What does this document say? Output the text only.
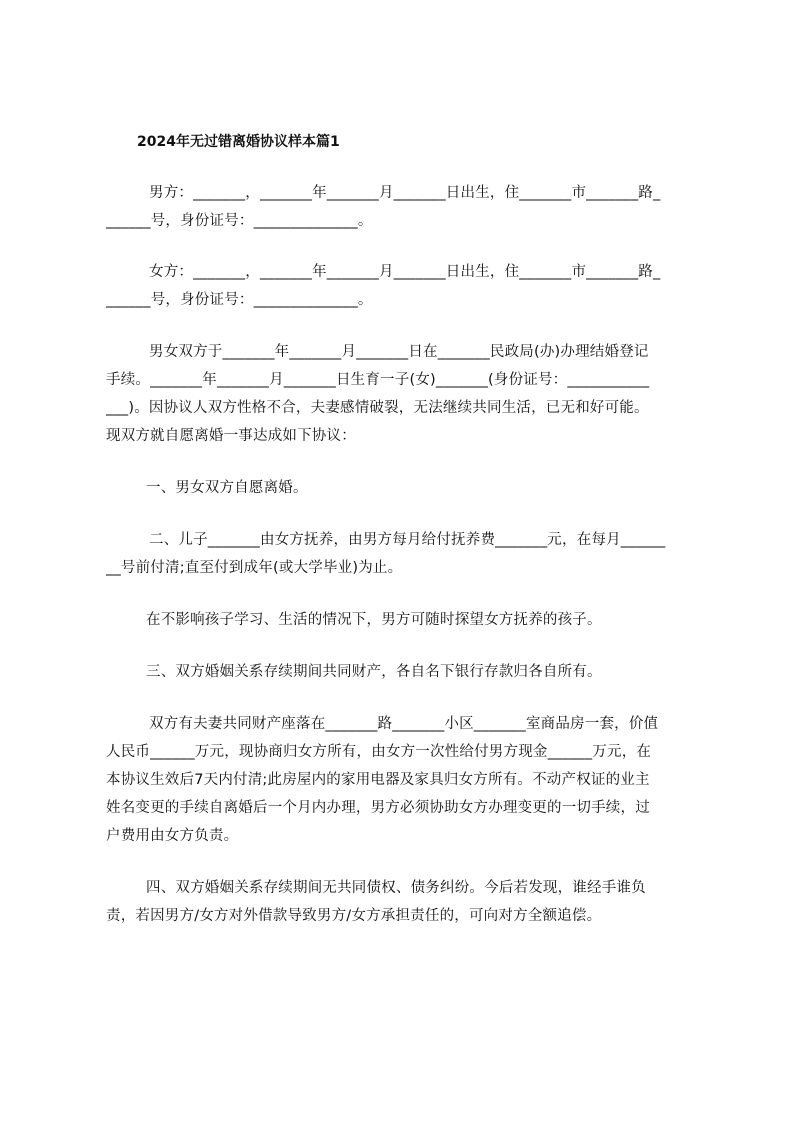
2024年无过错离婚协议样本篇1
男方：_______，_______年_______月_______日出生，住_______市_______路_
______号，身份证号：______________。
女方：_______，_______年_______月_______日出生，住_______市_______路_
______号，身份证号：______________。
男女双方于_______年_______月_______日在_______民政局(办)办理结婚登记
手续。_______年_______月_______日生育一子(女)_______(身份证号：___________
___)。因协议人双方性格不合，夫妻感情破裂，无法继续共同生活，已无和好可能。
现双方就自愿离婚一事达成如下协议：
一、男女双方自愿离婚。
二、儿子_______由女方抚养，由男方每月给付抚养费_______元，在每月______
__号前付清;直至付到成年(或大学毕业)为止。
在不影响孩子学习、生活的情况下，男方可随时探望女方抚养的孩子。
三、双方婚姻关系存续期间共同财产，各自名下银行存款归各自所有。
双方有夫妻共同财产座落在_______路_______小区_______室商品房一套，价值
人民币______万元，现协商归女方所有，由女方一次性给付男方现金______万元，在
本协议生效后7天内付清;此房屋内的家用电器及家具归女方所有。不动产权证的业主
姓名变更的手续自离婚后一个月内办理，男方必须协助女方办理变更的一切手续，过
户费用由女方负责。
四、双方婚姻关系存续期间无共同债权、债务纠纷。今后若发现，谁经手谁负
责，若因男方/女方对外借款导致男方/女方承担责任的，可向对方全额追偿。
